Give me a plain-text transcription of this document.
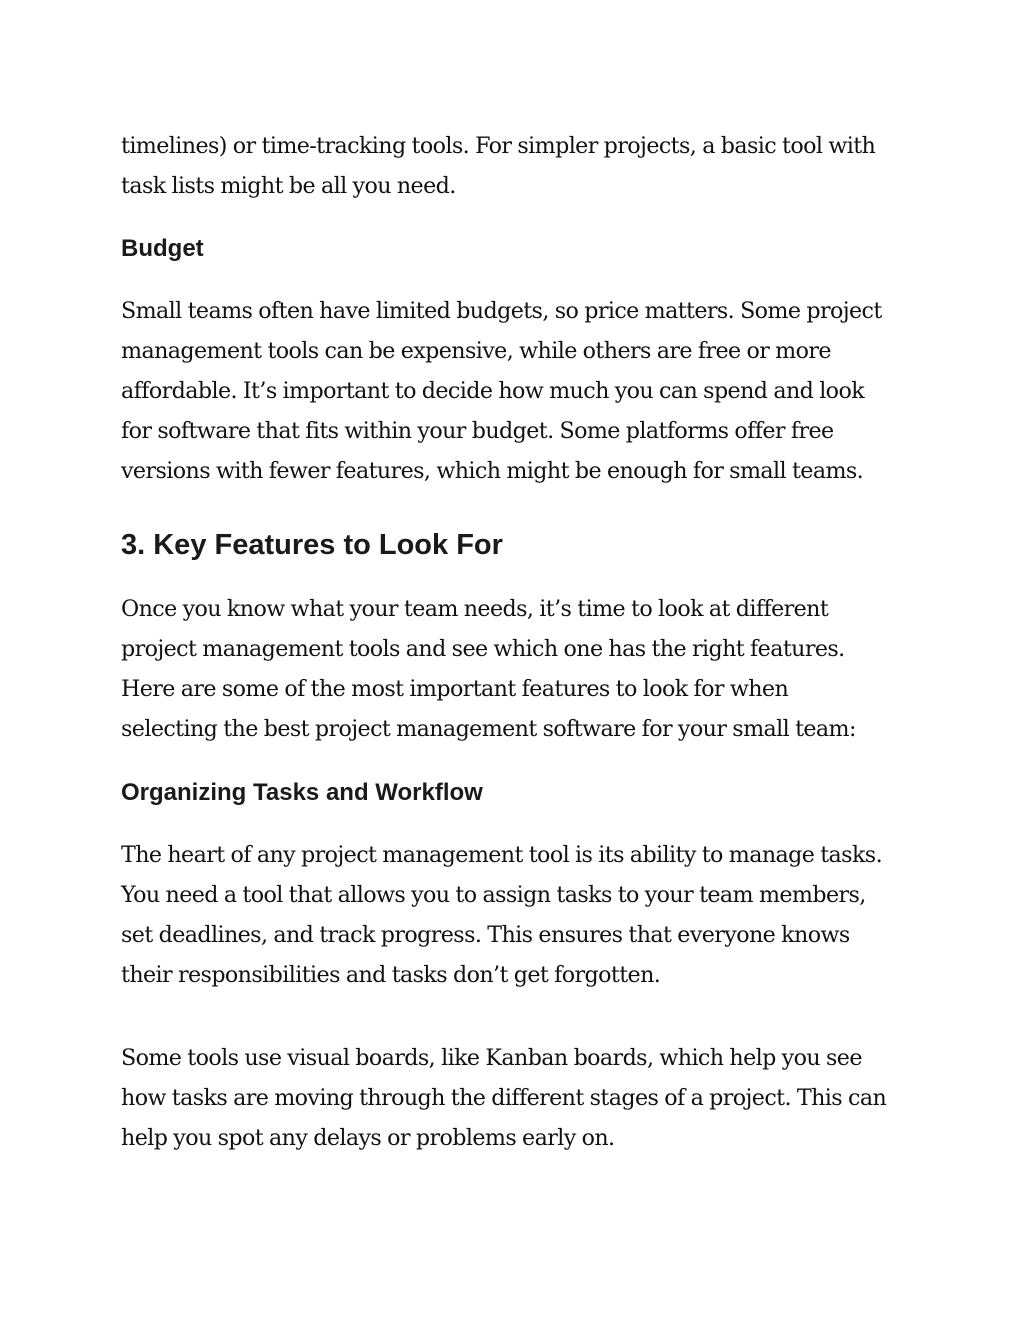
timelines) or time-tracking tools. For simpler projects, a basic tool with
task lists might be all you need.

Budget

Small teams often have limited budgets, so price matters. Some project
management tools can be expensive, while others are free or more
affordable. It’s important to decide how much you can spend and look
for software that fits within your budget. Some platforms offer free
versions with fewer features, which might be enough for small teams.

3. Key Features to Look For

Once you know what your team needs, it’s time to look at different
project management tools and see which one has the right features.
Here are some of the most important features to look for when
selecting the best project management software for your small team:

Organizing Tasks and Workflow

The heart of any project management tool is its ability to manage tasks.
You need a tool that allows you to assign tasks to your team members,
set deadlines, and track progress. This ensures that everyone knows
their responsibilities and tasks don’t get forgotten.

Some tools use visual boards, like Kanban boards, which help you see
how tasks are moving through the different stages of a project. This can
help you spot any delays or problems early on.
